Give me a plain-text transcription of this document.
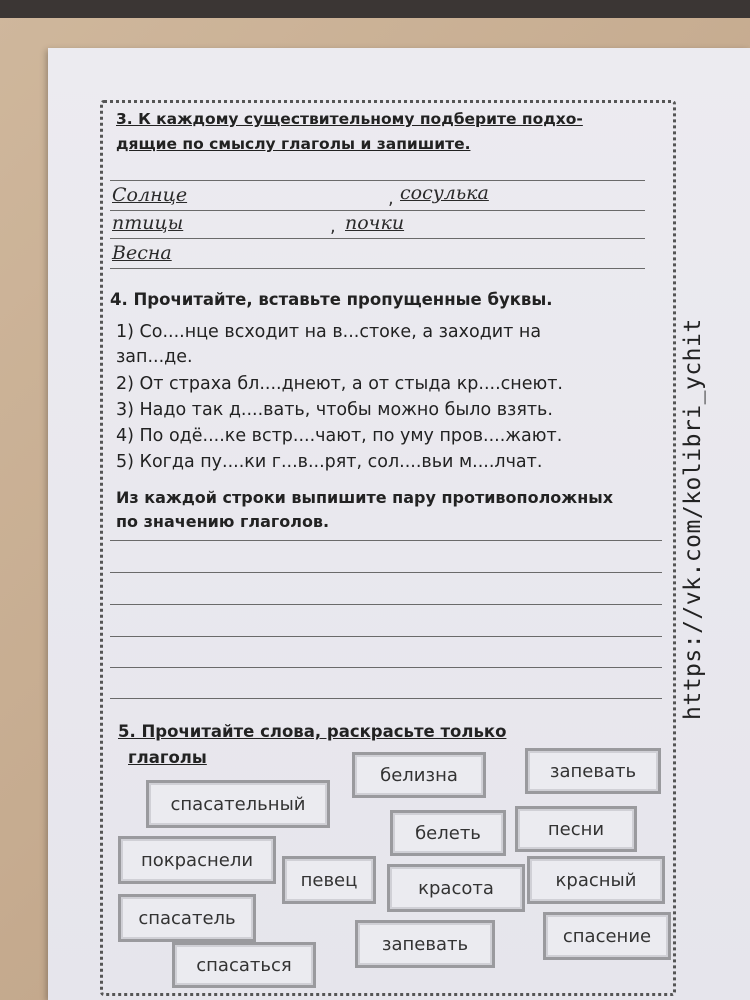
3. К каждому существительному подберите подхо-
дящие по смыслу глаголы и запишите.
Солнце	, сосулька
птицы	, почки
Весна
4. Прочитайте, вставьте пропущенные буквы.
1) Со....нце всходит на в...стоке, а заходит на
зап...де.
2) От страха бл....днеют, а от стыда кр....снеют.
3) Надо так д....вать, чтобы можно было взять.
4) По одё....ке встр....чают, по уму пров....жают.
5) Когда пу....ки г...в...рят, сол....вьи м....лчат.
Из каждой строки выпишите пару противоположных
по значению глаголов.
5. Прочитайте слова, раскрасьте только
глаголы
белизна	запевать
спасательный
белеть	песни
покраснели
певец	красота	красный
спасатель
запевать	спасение
спасаться
https://vk.com/kolibri_ychit
